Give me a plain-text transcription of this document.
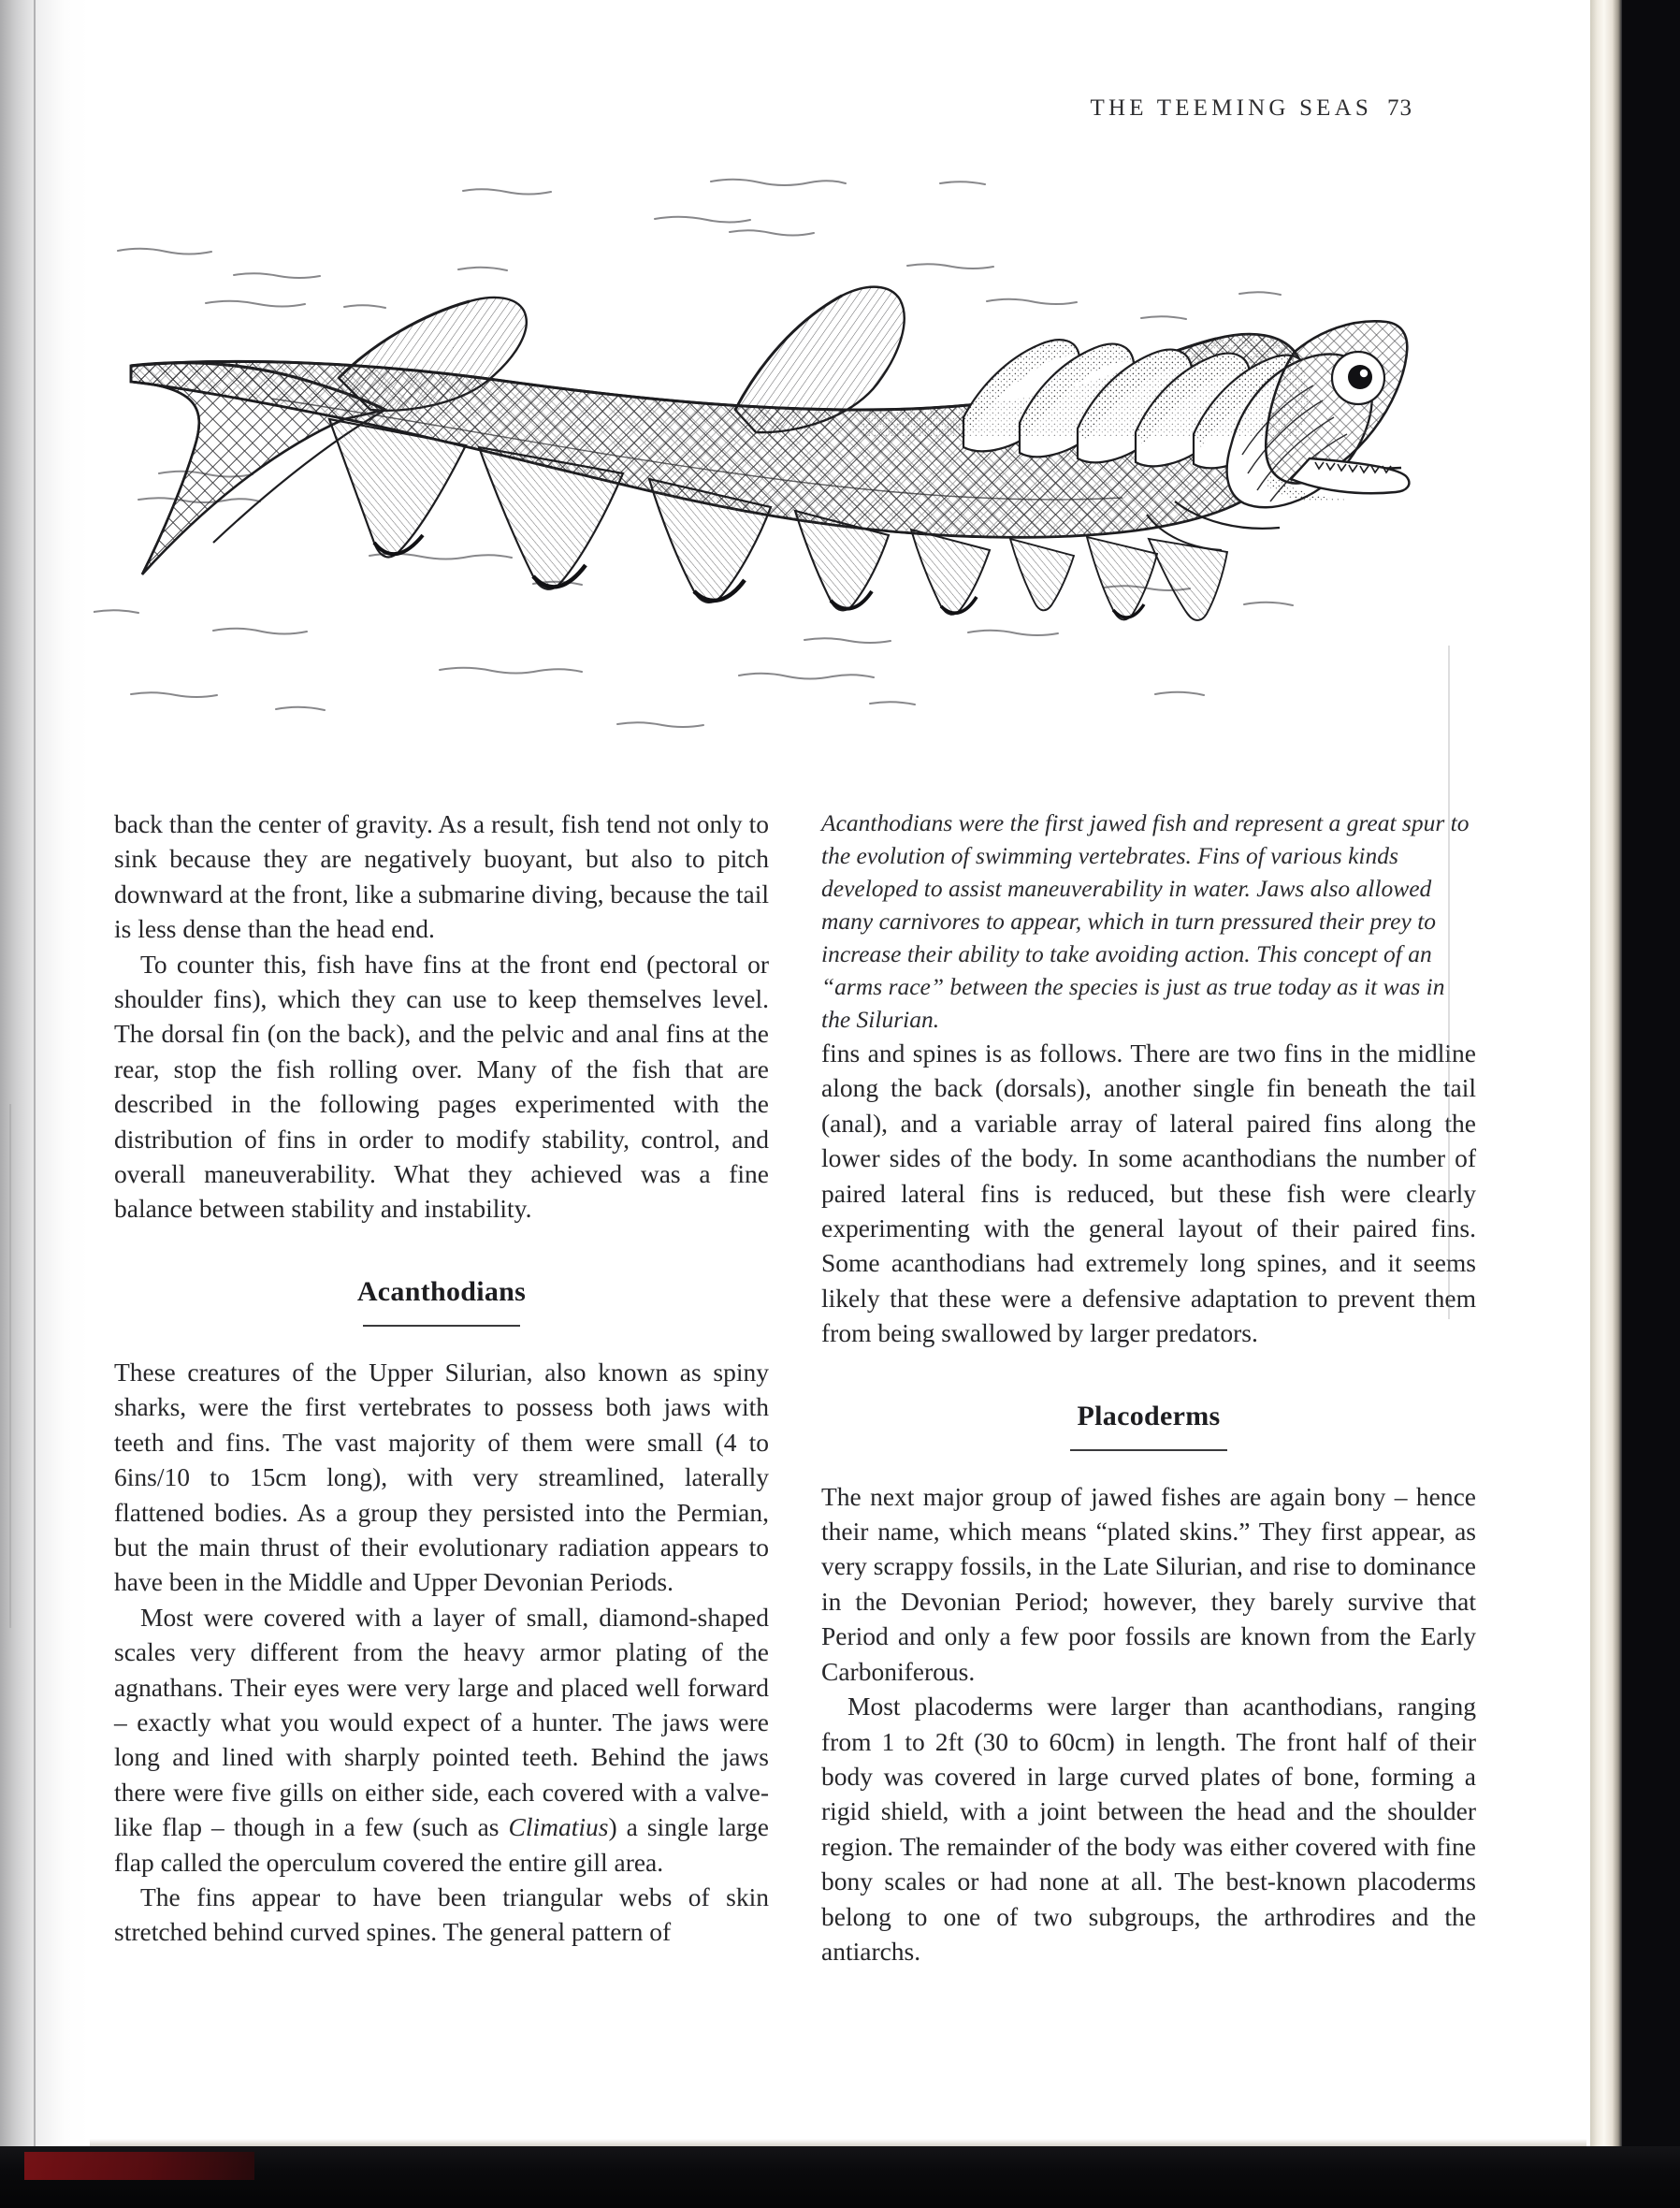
THE TEEMING SEAS 73

back than the center of gravity. As a result, fish tend not only to sink because they are negatively buoyant, but also to pitch downward at the front, like a submarine diving, because the tail is less dense than the head end.

To counter this, fish have fins at the front end (pectoral or shoulder fins), which they can use to keep themselves level. The dorsal fin (on the back), and the pelvic and anal fins at the rear, stop the fish rolling over. Many of the fish that are described in the following pages experimented with the distribution of fins in order to modify stability, control, and overall maneuverability. What they achieved was a fine balance between stability and instability.

Acanthodians

These creatures of the Upper Silurian, also known as spiny sharks, were the first vertebrates to possess both jaws with teeth and fins. The vast majority of them were small (4 to 6ins/10 to 15cm long), with very streamlined, laterally flattened bodies. As a group they persisted into the Permian, but the main thrust of their evolutionary radiation appears to have been in the Middle and Upper Devonian Periods.

Most were covered with a layer of small, diamond-shaped scales very different from the heavy armor plating of the agnathans. Their eyes were very large and placed well forward – exactly what you would expect of a hunter. The jaws were long and lined with sharply pointed teeth. Behind the jaws there were five gills on either side, each covered with a valve-like flap – though in a few (such as Climatius) a single large flap called the operculum covered the entire gill area.

The fins appear to have been triangular webs of skin stretched behind curved spines. The general pattern of

Acanthodians were the first jawed fish and represent a great spur to the evolution of swimming vertebrates. Fins of various kinds developed to assist maneuverability in water. Jaws also allowed many carnivores to appear, which in turn pressured their prey to increase their ability to take avoiding action. This concept of an “arms race” between the species is just as true today as it was in the Silurian.

fins and spines is as follows. There are two fins in the midline along the back (dorsals), another single fin beneath the tail (anal), and a variable array of lateral paired fins along the lower sides of the body. In some acanthodians the number of paired lateral fins is reduced, but these fish were clearly experimenting with the general layout of their paired fins. Some acanthodians had extremely long spines, and it seems likely that these were a defensive adaptation to prevent them from being swallowed by larger predators.

Placoderms

The next major group of jawed fishes are again bony – hence their name, which means “plated skins.” They first appear, as very scrappy fossils, in the Late Silurian, and rise to dominance in the Devonian Period; however, they barely survive that Period and only a few poor fossils are known from the Early Carboniferous.

Most placoderms were larger than acanthodians, ranging from 1 to 2ft (30 to 60cm) in length. The front half of their body was covered in large curved plates of bone, forming a rigid shield, with a joint between the head and the shoulder region. The remainder of the body was either covered with fine bony scales or had none at all. The best-known placoderms belong to one of two subgroups, the arthrodires and the antiarchs.
